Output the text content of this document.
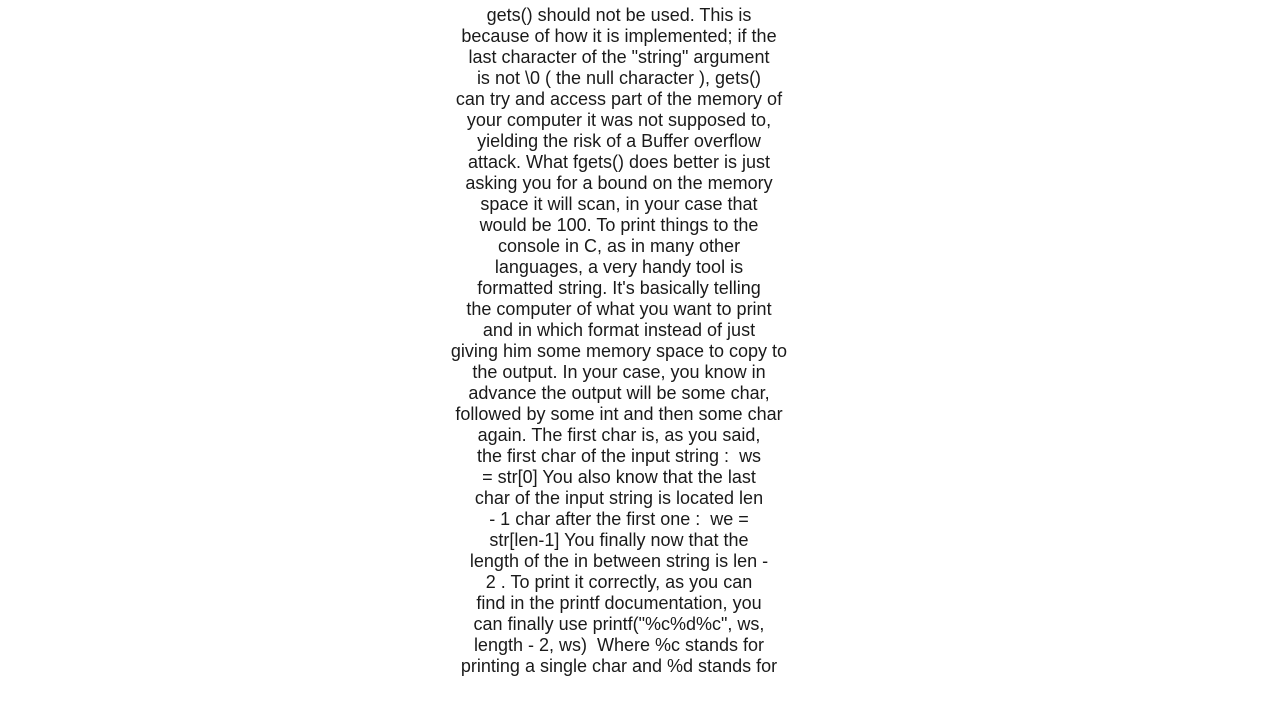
gets() should not be used. This is
because of how it is implemented; if the
last character of the "string" argument
is not \0 ( the null character ), gets()
can try and access part of the memory of
your computer it was not supposed to,
yielding the risk of a Buffer overflow
attack. What fgets() does better is just
asking you for a bound on the memory
space it will scan, in your case that
would be 100. To print things to the
console in C, as in many other
languages, a very handy tool is
formatted string. It's basically telling
the computer of what you want to print
and in which format instead of just
giving him some memory space to copy to
the output. In your case, you know in
advance the output will be some char,
followed by some int and then some char
again. The first char is, as you said,
the first char of the input string :  ws
= str[0] You also know that the last
char of the input string is located len
- 1 char after the first one :  we =
str[len-1] You finally now that the
length of the in between string is len -
2 . To print it correctly, as you can
find in the printf documentation, you
can finally use printf("%c%d%c", ws,
length - 2, ws)  Where %c stands for
printing a single char and %d stands for
